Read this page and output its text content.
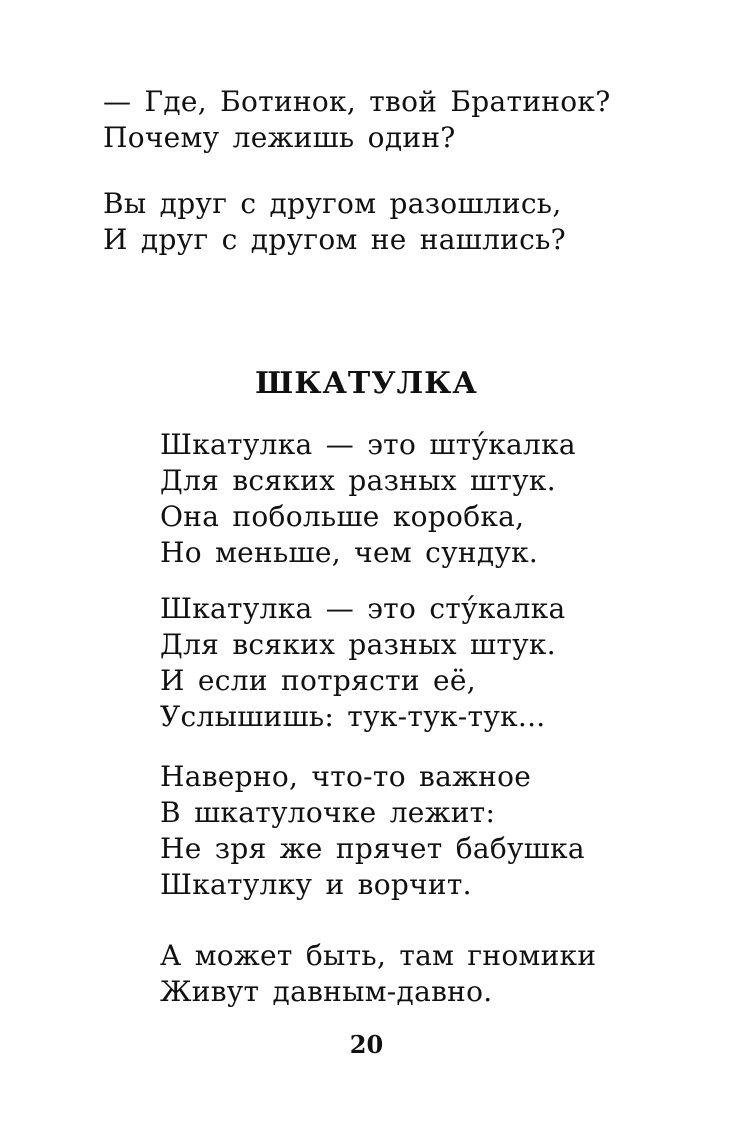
— Где, Ботинок, твой Братинок?
Почему лежишь один?
Вы друг с другом разошлись,
И друг с другом не нашлись?
ШКАТУЛКА
Шкатулка — это шту́калка
Для всяких разных штук.
Она побольше коробка,
Но меньше, чем сундук.
Шкатулка — это сту́калка
Для всяких разных штук.
И если потрясти её,
Услышишь: тук-тук-тук...
Наверно, что-то важное
В шкатулочке лежит:
Не зря же прячет бабушка
Шкатулку и ворчит.
А может быть, там гномики
Живут давным-давно.
20
